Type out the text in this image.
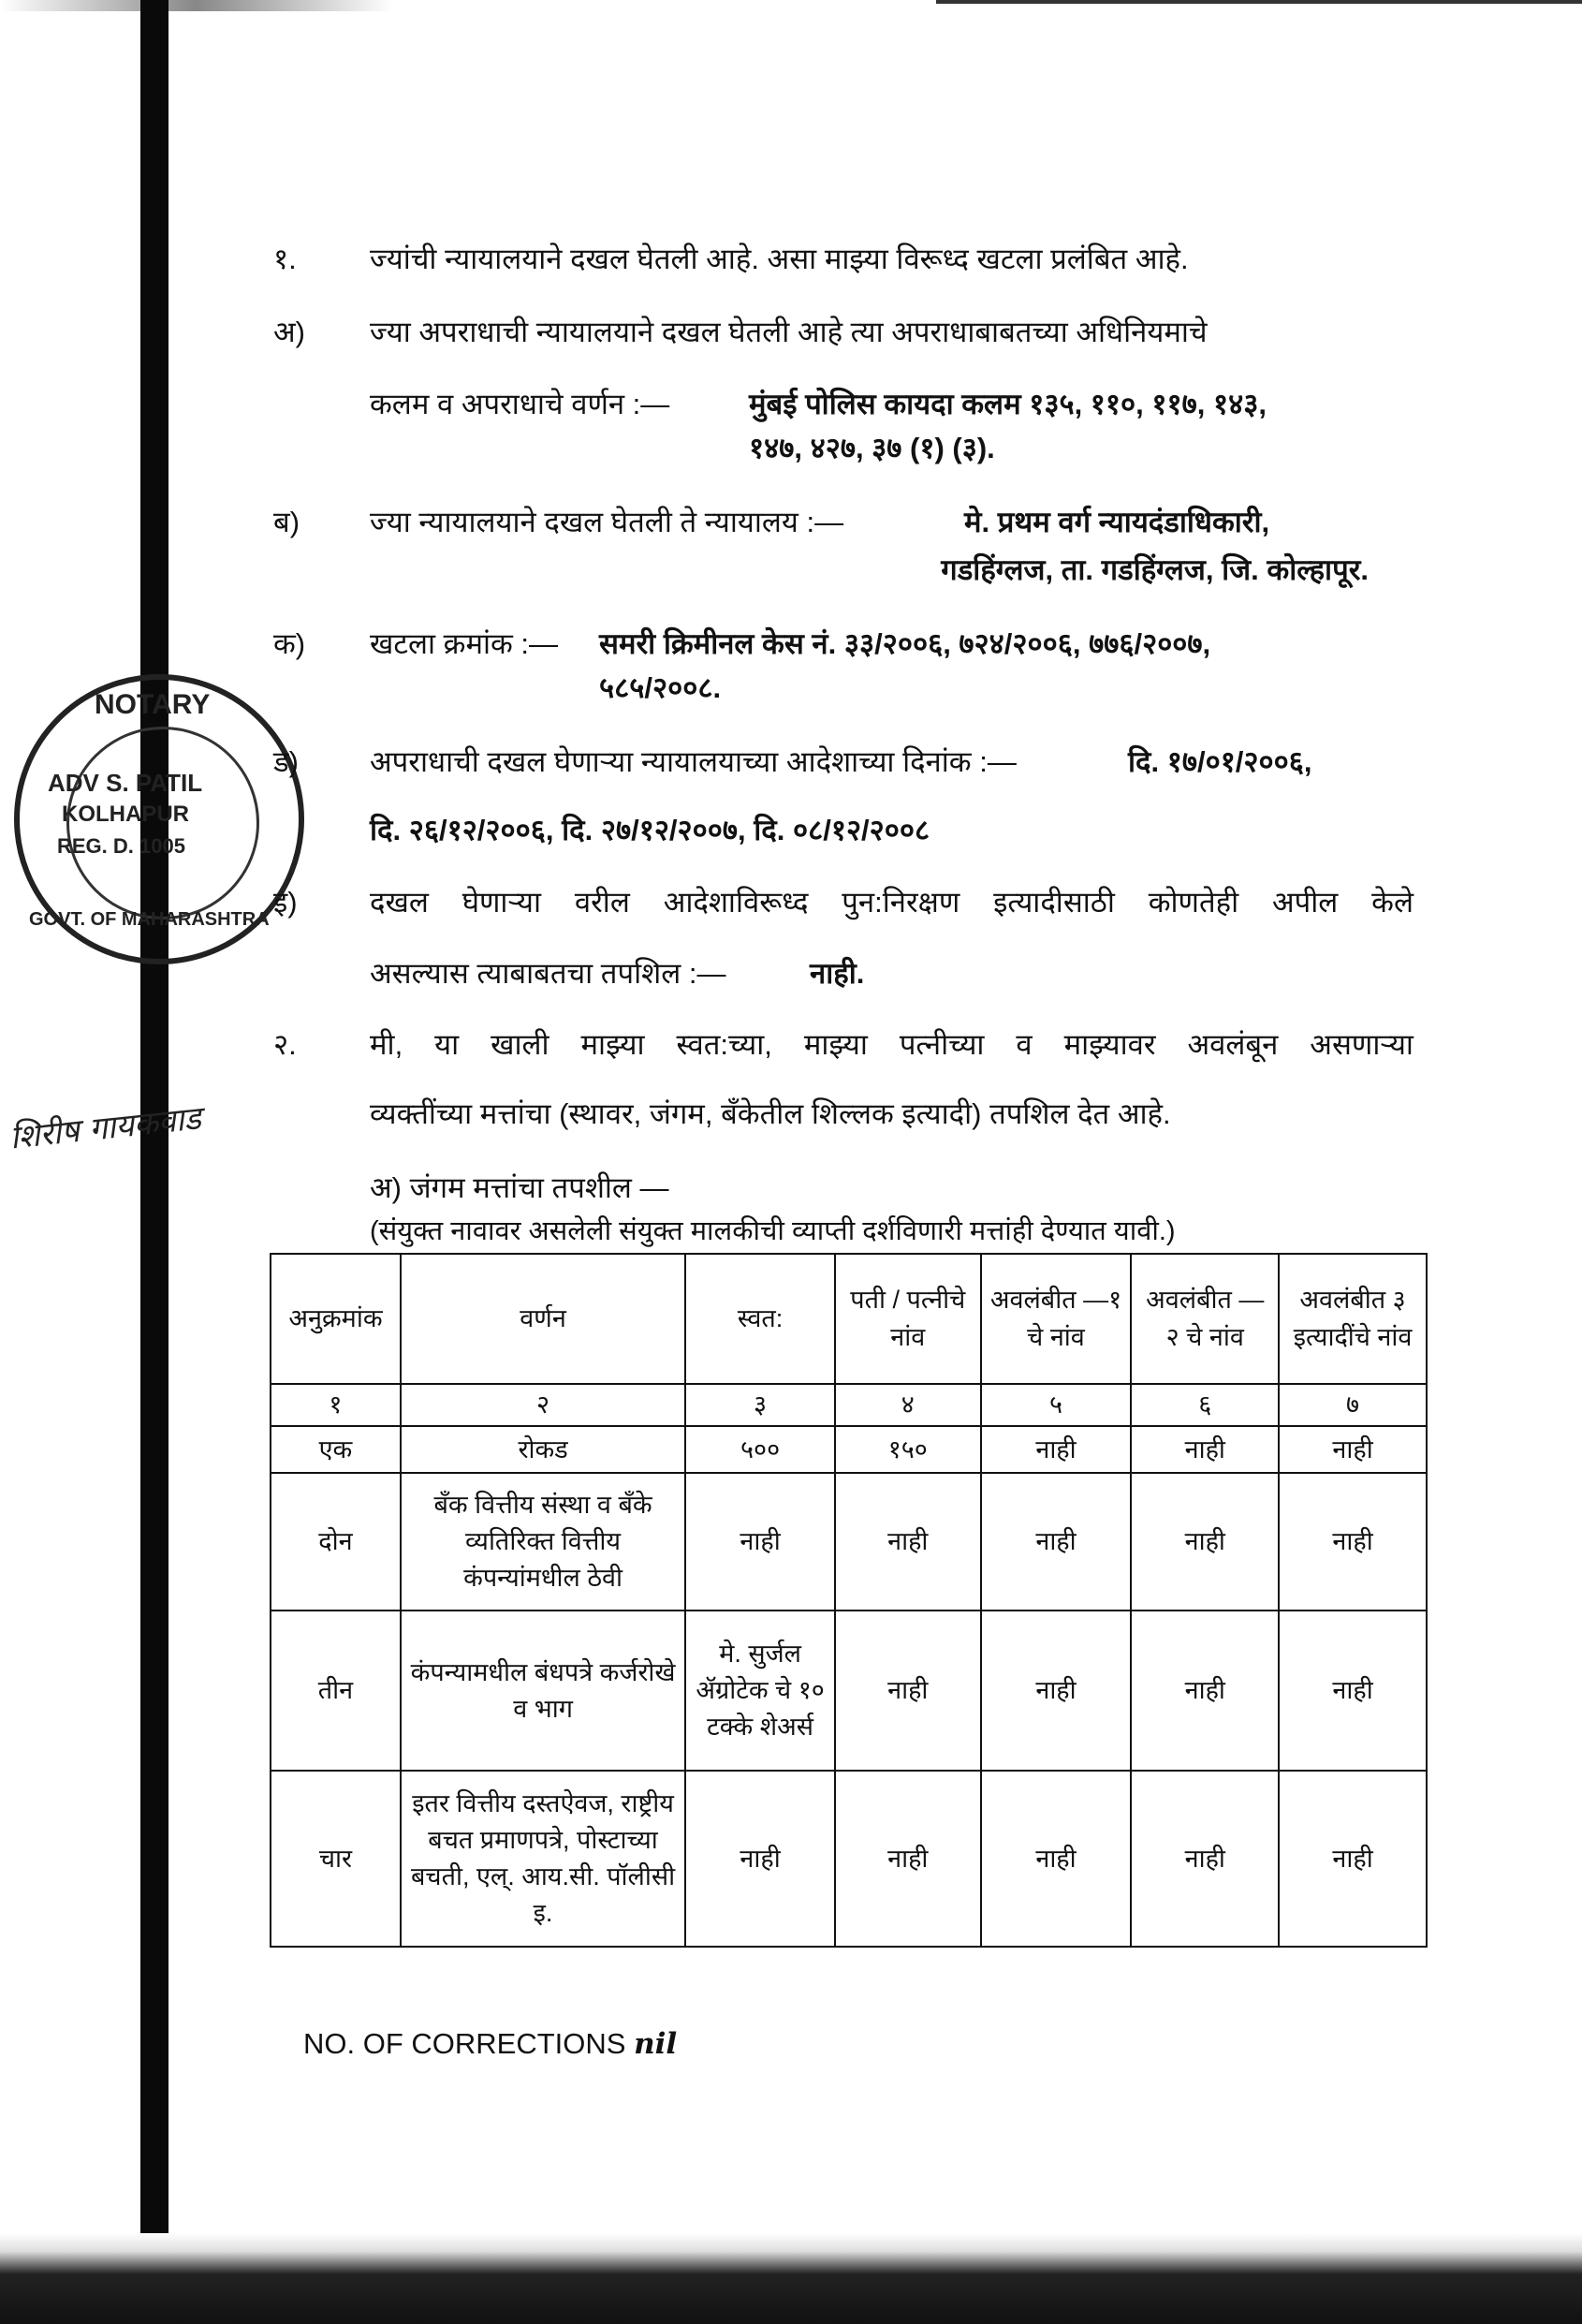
NOTARY
ADV S. PATIL
KOLHAPUR
REG. D. 1005
GOVT. OF MAHARASHTRA
शिरीष गायकवाड
१.	ज्यांची न्यायालयाने दखल घेतली आहे. असा माझ्या विरूध्द खटला प्रलंबित आहे.
अ) ज्या अपराधाची न्यायालयाने दखल घेतली आहे त्या अपराधाबाबतच्या अधिनियमाचे
कलम व अपराधाचे वर्णन :—	मुंबई पोलिस कायदा कलम १३५, ११०, ११७, १४३,
१४७, ४२७, ३७ (१) (३).
ब) ज्या न्यायालयाने दखल घेतली ते न्यायालय :—	मे. प्रथम वर्ग न्यायदंडाधिकारी,
गडहिंग्लज, ता. गडहिंग्लज, जि. कोल्हापूर.
क) खटला क्रमांक :— समरी क्रिमीनल केस नं. ३३/२००६, ७२४/२००६, ७७६/२००७,
५८५/२००८.
ड) अपराधाची दखल घेणाऱ्या न्यायालयाच्या आदेशाच्या दिनांक :—	दि. १७/०१/२००६,
दि. २६/१२/२००६, दि. २७/१२/२००७, दि. ०८/१२/२००८
इ) दखल घेणाऱ्या वरील आदेशाविरूध्द पुन:निरक्षण इत्यादीसाठी कोणतेही अपील केले
असल्यास त्याबाबतचा तपशिल :—	नाही.
२.	मी, या खाली माझ्या स्वत:च्या, माझ्या पत्नीच्या व माझ्यावर अवलंबून असणाऱ्या
व्यक्तींच्या मत्तांचा (स्थावर, जंगम, बॅंकेतील शिल्लक इत्यादी) तपशिल देत आहे.
अ) जंगम मत्तांचा तपशील —
(संयुक्त नावावर असलेली संयुक्त मालकीची व्याप्ती दर्शविणारी मत्तांही देण्यात यावी.)
अनुक्रमांक	वर्णन	स्वत:	पती / पत्नीचे नांव	अवलंबीत —१ चे नांव	अवलंबीत — २ चे नांव	अवलंबीत ३ इत्यादींचे नांव
१	२	३	४	५	६	७
एक	रोकड	५००	१५०	नाही	नाही	नाही
दोन	बॅंक वित्तीय संस्था व बॅंके व्यतिरिक्त वित्तीय कंपन्यांमधील ठेवी	नाही	नाही	नाही	नाही	नाही
तीन	कंपन्यामधील बंधपत्रे कर्जरोखे व भाग	मे. सुर्जल ॲग्रोटेक चे १० टक्के शेअर्स	नाही	नाही	नाही	नाही
चार	इतर वित्तीय दस्तऐवज, राष्ट्रीय बचत प्रमाणपत्रे, पोस्टाच्या बचती, एल्. आय.सी. पॉलीसी इ.	नाही	नाही	नाही	नाही	नाही
NO. OF CORRECTIONS nil
